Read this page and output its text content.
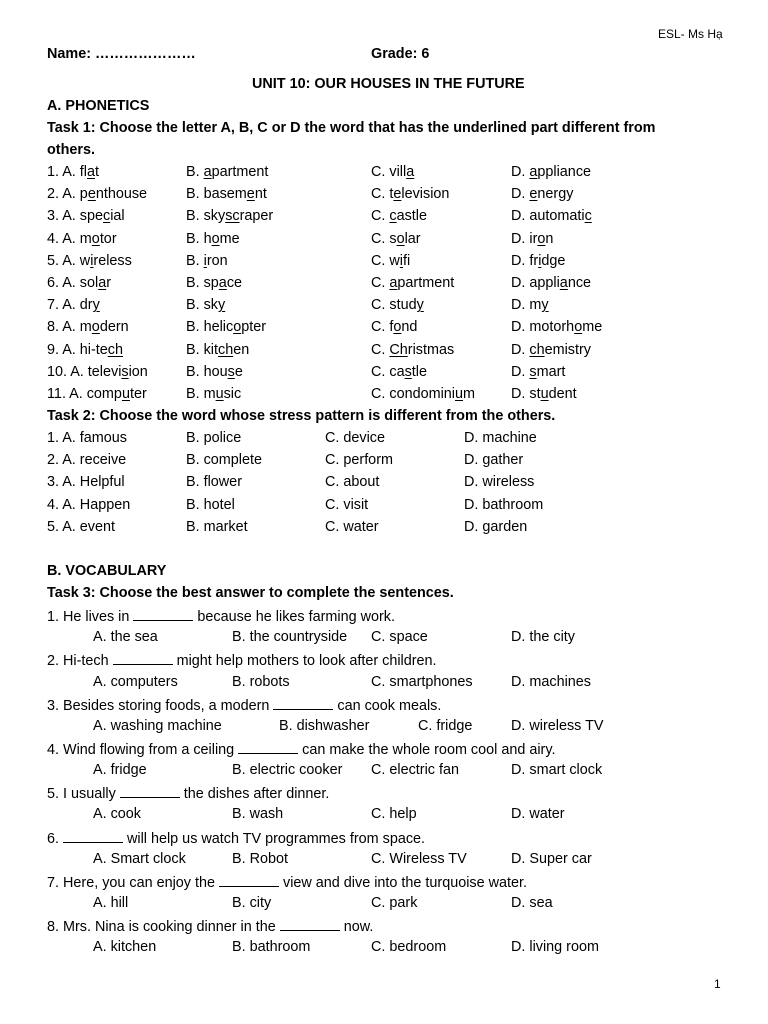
ESL- Ms Hạ
Name: …………………	Grade: 6
UNIT 10: OUR HOUSES IN THE FUTURE
A. PHONETICS
Task 1: Choose the letter A, B, C or D the word that has the underlined part different from
others.
1. A. flat	B. apartment	C. villa	D. appliance
2. A. penthouse	B. basement	C. television	D. energy
3. A. special	B. skyscraper	C. castle	D. automatic
4. A. motor	B. home	C. solar	D. iron
5. A. wireless	B. iron	C. wifi	D. fridge
6. A. solar	B. space	C. apartment	D. appliance
7. A. dry	B. sky	C. study	D. my
8. A. modern	B. helicopter	C. fond	D. motorhome
9. A. hi-tech	B. kitchen	C. Christmas	D. chemistry
10. A. television	B. house	C. castle	D. smart
11. A. computer	B. music	C. condominium	D. student
Task 2: Choose the word whose stress pattern is different from the others.
1. A. famous	B. police	C. device	D. machine
2. A. receive	B. complete	C. perform	D. gather
3. A. Helpful	B. flower	C. about	D. wireless
4. A. Happen	B. hotel	C. visit	D. bathroom
5. A. event	B. market	C. water	D. garden
B. VOCABULARY
Task 3: Choose the best answer to complete the sentences.
1. He lives in	because he likes farming work.
A. the sea	B. the countryside C. space	D. the city
2. Hi-tech	might help mothers to look after children.
A. computers	B. robots	C. smartphones	D. machines
3. Besides storing foods, a modern	can cook meals.
A. washing machine	B. dishwasher	C. fridge	D. wireless TV
4. Wind flowing from a ceiling	can make the whole room cool and airy.
A. fridge	B. electric cooker C. electric fan	D. smart clock
5. I usually	the dishes after dinner.
A. cook	B. wash	C. help	D. water
6.	will help us watch TV programmes from space.
A. Smart clock	B. Robot	C. Wireless TV	D. Super car
7. Here, you can enjoy the	view and dive into the turquoise water.
A. hill	B. city	C. park	D. sea
8. Mrs. Nina is cooking dinner in the	now.
A. kitchen	B. bathroom	C. bedroom	D. living room
1
